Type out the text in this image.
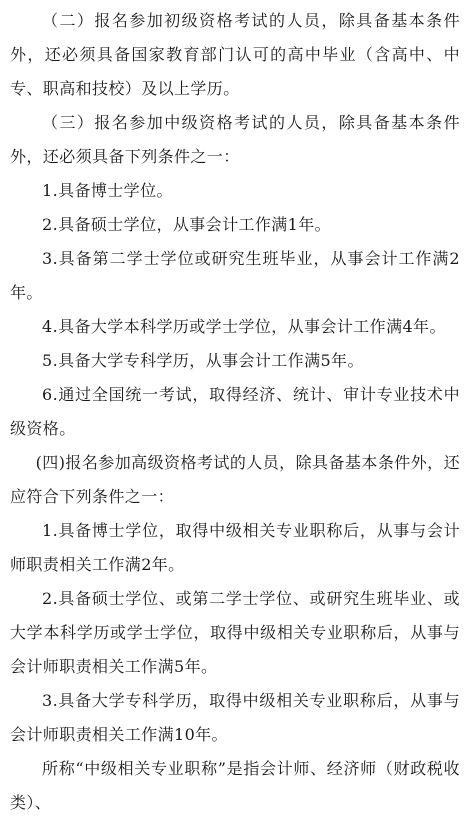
（二）报名参加初级资格考试的人员，除具备基本条件外，还必须具备国家教育部门认可的高中毕业（含高中、中专、职高和技校）及以上学历。

（三）报名参加中级资格考试的人员，除具备基本条件外，还必须具备下列条件之一：

1.具备博士学位。

2.具备硕士学位，从事会计工作满1年。

3.具备第二学士学位或研究生班毕业，从事会计工作满2年。

4.具备大学本科学历或学士学位，从事会计工作满4年。

5.具备大学专科学历，从事会计工作满5年。

6.通过全国统一考试，取得经济、统计、审计专业技术中级资格。

(四)报名参加高级资格考试的人员，除具备基本条件外，还应符合下列条件之一：

1.具备博士学位，取得中级相关专业职称后，从事与会计师职责相关工作满2年。

2.具备硕士学位、或第二学士学位、或研究生班毕业、或大学本科学历或学士学位，取得中级相关专业职称后，从事与会计师职责相关工作满5年。

3.具备大学专科学历，取得中级相关专业职称后，从事与会计师职责相关工作满10年。

所称“中级相关专业职称”是指会计师、经济师（财政税收类）、
